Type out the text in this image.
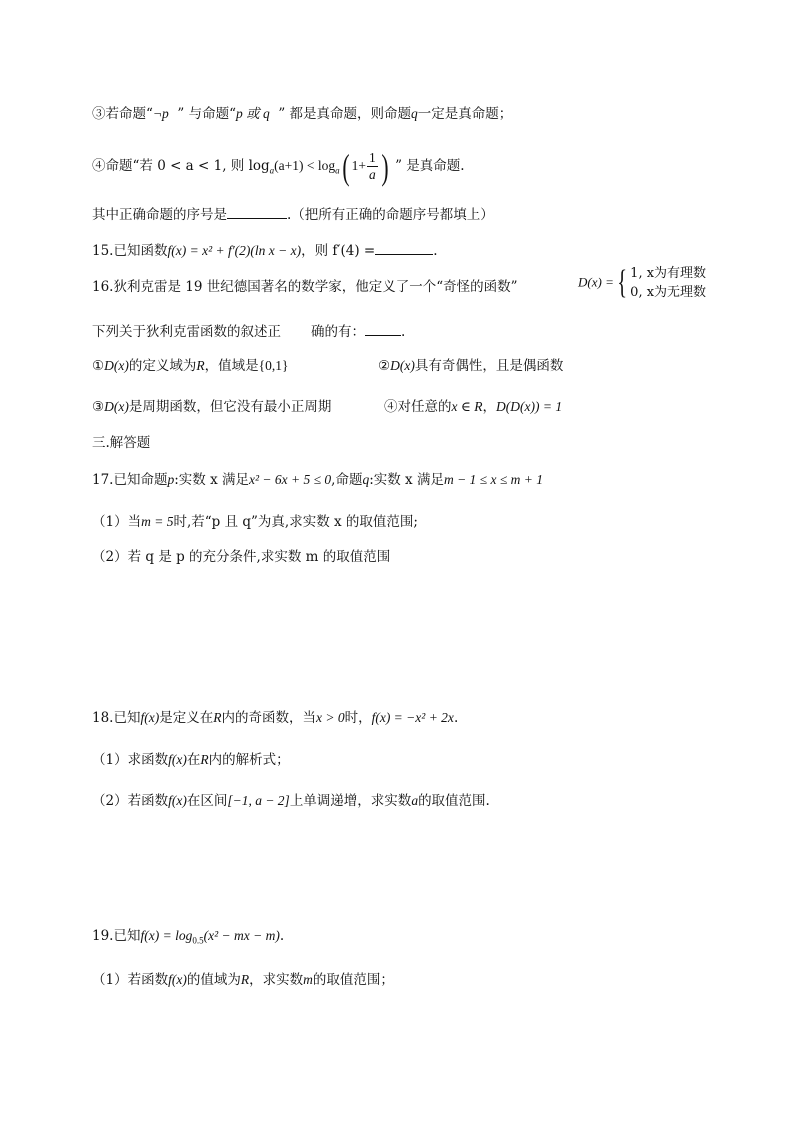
③若命题“¬p ” 与命题“p 或 q ” 都是真命题，则命题q一定是真命题；
④命题“若 0 < a < 1, 则 $\log_a(a+1) < \log_a$( $1+ \frac{1}{a}$ ) ” 是真命题.
其中正确命题的序号是	.（把所有正确的命题序号都填上）
15.已知函数f(x) = x² + f′(2)(ln x − x)，则 f′(4) =	.
16.狄利克雷是 19 世纪德国著名的数学家，他定义了一个“奇怪的函数”	D(x) ={ 1, x为有理数
0, x为无理数
下列关于狄利克雷函数的叙述正 确的有：	.
①D(x)的定义域为R，值域是{0,1}	②D(x)具有奇偶性，且是偶函数
③D(x)是周期函数，但它没有最小正周期	④对任意的x ∈ R，D(D(x)) = 1
三.解答题
17.已知命题p:实数 x 满足x² − 6x + 5 ≤ 0,命题q:实数 x 满足m − 1 ≤ x ≤ m + 1
（1）当m = 5时,若“p 且 q”为真,求实数 x 的取值范围;
（2）若 q 是 p 的充分条件,求实数 m 的取值范围
18.已知f(x)是定义在R内的奇函数，当x > 0时，f(x) = −x² + 2x.
（1）求函数f(x)在R内的解析式；
（2）若函数f(x)在区间[−1, a − 2]上单调递增，求实数a的取值范围.
19.已知$f(x) = \log_{0.5}(x^2$ − mx − m).
（1）若函数f(x)的值域为R，求实数m的取值范围；
